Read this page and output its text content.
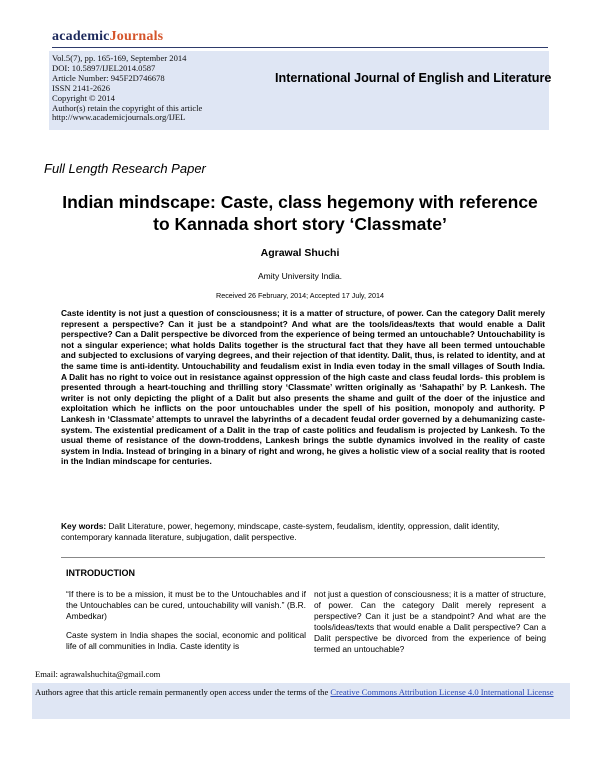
academicJournals
Vol.5(7), pp. 165-169, September 2014
DOI: 10.5897/IJEL2014.0587
Article Number: 945F2D746678
ISSN 2141-2626
Copyright © 2014
Author(s) retain the copyright of this article
http://www.academicjournals.org/IJEL
International Journal of English and Literature
Full Length Research Paper
Indian mindscape: Caste, class hegemony with reference to Kannada short story ‘Classmate’
Agrawal Shuchi
Amity University India.
Received 26 February, 2014; Accepted 17 July, 2014
Caste identity is not just a question of consciousness; it is a matter of structure, of power. Can the category Dalit merely represent a perspective? Can it just be a standpoint? And what are the tools/ideas/texts that would enable a Dalit perspective? Can a Dalit perspective be divorced from the experience of being termed an untouchable? Untouchability is not a singular experience; what holds Dalits together is the structural fact that they have all been termed untouchable and subjected to exclusions of varying degrees, and their rejection of that identity. Dalit, thus, is related to identity, and at the same time is anti-identity. Untouchability and feudalism exist in India even today in the small villages of South India. A Dalit has no right to voice out in resistance against oppression of the high caste and class feudal lords- this problem is presented through a heart-touching and thrilling story ‘Classmate’ written originally as ‘Sahapathi’ by P. Lankesh. The writer is not only depicting the plight of a Dalit but also presents the shame and guilt of the doer of the injustice and exploitation which he inflicts on the poor untouchables under the spell of his position, monopoly and authority. P Lankesh in ‘Classmate’ attempts to unravel the labyrinths of a decadent feudal order governed by a dehumanizing caste-system. The existential predicament of a Dalit in the trap of caste politics and feudalism is projected by Lankesh. To the usual theme of resistance of the down-troddens, Lankesh brings the subtle dynamics involved in the reality of caste system in India. Instead of bringing in a binary of right and wrong, he gives a holistic view of a social reality that is rooted in the Indian mindscape for centuries.
Key words: Dalit Literature, power, hegemony, mindscape, caste-system, feudalism, identity, oppression, dalit identity, contemporary kannada literature, subjugation, dalit perspective.
INTRODUCTION

“If there is to be a mission, it must be to the Untouchables and if the Untouchables can be cured, untouchability will vanish.” (B.R. Ambedkar)

Caste system in India shapes the social, economic and political life of all communities in India. Caste identity is

not just a question of consciousness; it is a matter of structure, of power. Can the category Dalit merely represent a perspective? Can it just be a standpoint? And what are the tools/ideas/texts that would enable a Dalit perspective? Can a Dalit perspective be divorced from the experience of being termed an untouchable?

Email: agrawalshuchita@gmail.com
Authors agree that this article remain permanently open access under the terms of the Creative Commons Attribution License 4.0 International License
